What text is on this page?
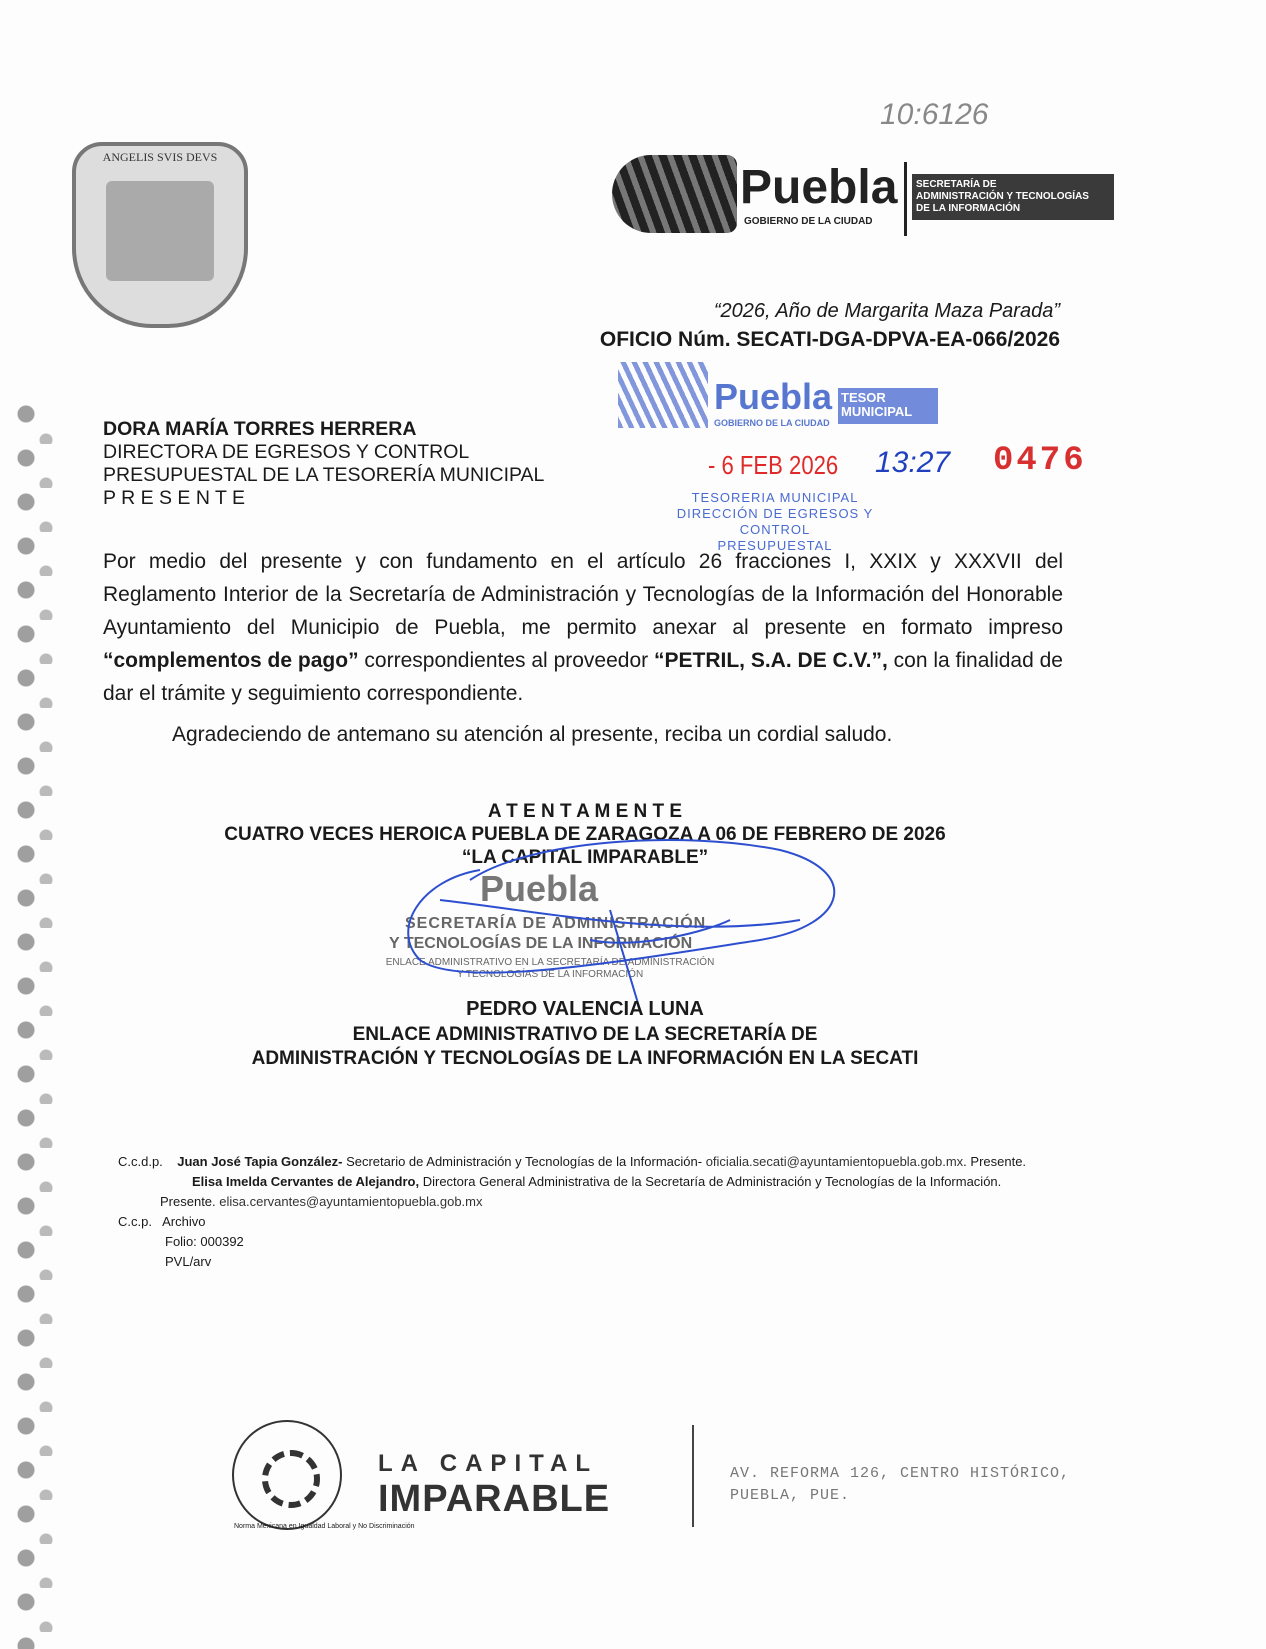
10:6126
ANGELIS SVIS DEVS
Puebla
GOBIERNO DE LA CIUDAD
SECRETARÍA DE
ADMINISTRACIÓN Y TECNOLOGÍAS
DE LA INFORMACIÓN
“2026, Año de Margarita Maza Parada”
OFICIO Núm. SECATI-DGA-DPVA-EA-066/2026
Puebla
GOBIERNO DE LA CIUDAD
TESOR
MUNICIPAL
- 6 FEB 2026 13:27 0476
TESORERIA MUNICIPAL
DIRECCIÓN DE EGRESOS Y CONTROL
PRESUPUESTAL
DORA MARÍA TORRES HERRERA
DIRECTORA DE EGRESOS Y CONTROL
PRESUPUESTAL DE LA TESORERÍA MUNICIPAL
P R E S E N T E
Por medio del presente y con fundamento en el artículo 26 fracciones I, XXIX y XXXVII del Reglamento Interior de la Secretaría de Administración y Tecnologías de la Información del Honorable Ayuntamiento del Municipio de Puebla, me permito anexar al presente en formato impreso “complementos de pago” correspondientes al proveedor “PETRIL, S.A. DE C.V.”, con la finalidad de dar el trámite y seguimiento correspondiente.
Agradeciendo de antemano su atención al presente, reciba un cordial saludo.
A T E N T A M E N T E
CUATRO VECES HEROICA PUEBLA DE ZARAGOZA A 06 DE FEBRERO DE 2026
“LA CAPITAL IMPARABLE”
Puebla
SECRETARÍA DE ADMINISTRACIÓN
Y TECNOLOGÍAS DE LA INFORMACIÓN
ENLACE ADMINISTRATIVO EN LA SECRETARÍA DE ADMINISTRACIÓN Y TECNOLOGÍAS DE LA INFORMACIÓN
PEDRO VALENCIA LUNA
ENLACE ADMINISTRATIVO DE LA SECRETARÍA DE
ADMINISTRACIÓN Y TECNOLOGÍAS DE LA INFORMACIÓN EN LA SECATI
C.c.d.p. Juan José Tapia González- Secretario de Administración y Tecnologías de la Información- oficialia.secati@ayuntamientopuebla.gob.mx. Presente.
Elisa Imelda Cervantes de Alejandro, Directora General Administrativa de la Secretaría de Administración y Tecnologías de la Información. Presente. elisa.cervantes@ayuntamientopuebla.gob.mx
C.c.p. Archivo
Folio: 000392
PVL/arv
Norma Mexicana en Igualdad Laboral y No Discriminación
LA CAPITAL
IMPARABLE
AV. REFORMA 126, CENTRO HISTÓRICO,
PUEBLA, PUE.
